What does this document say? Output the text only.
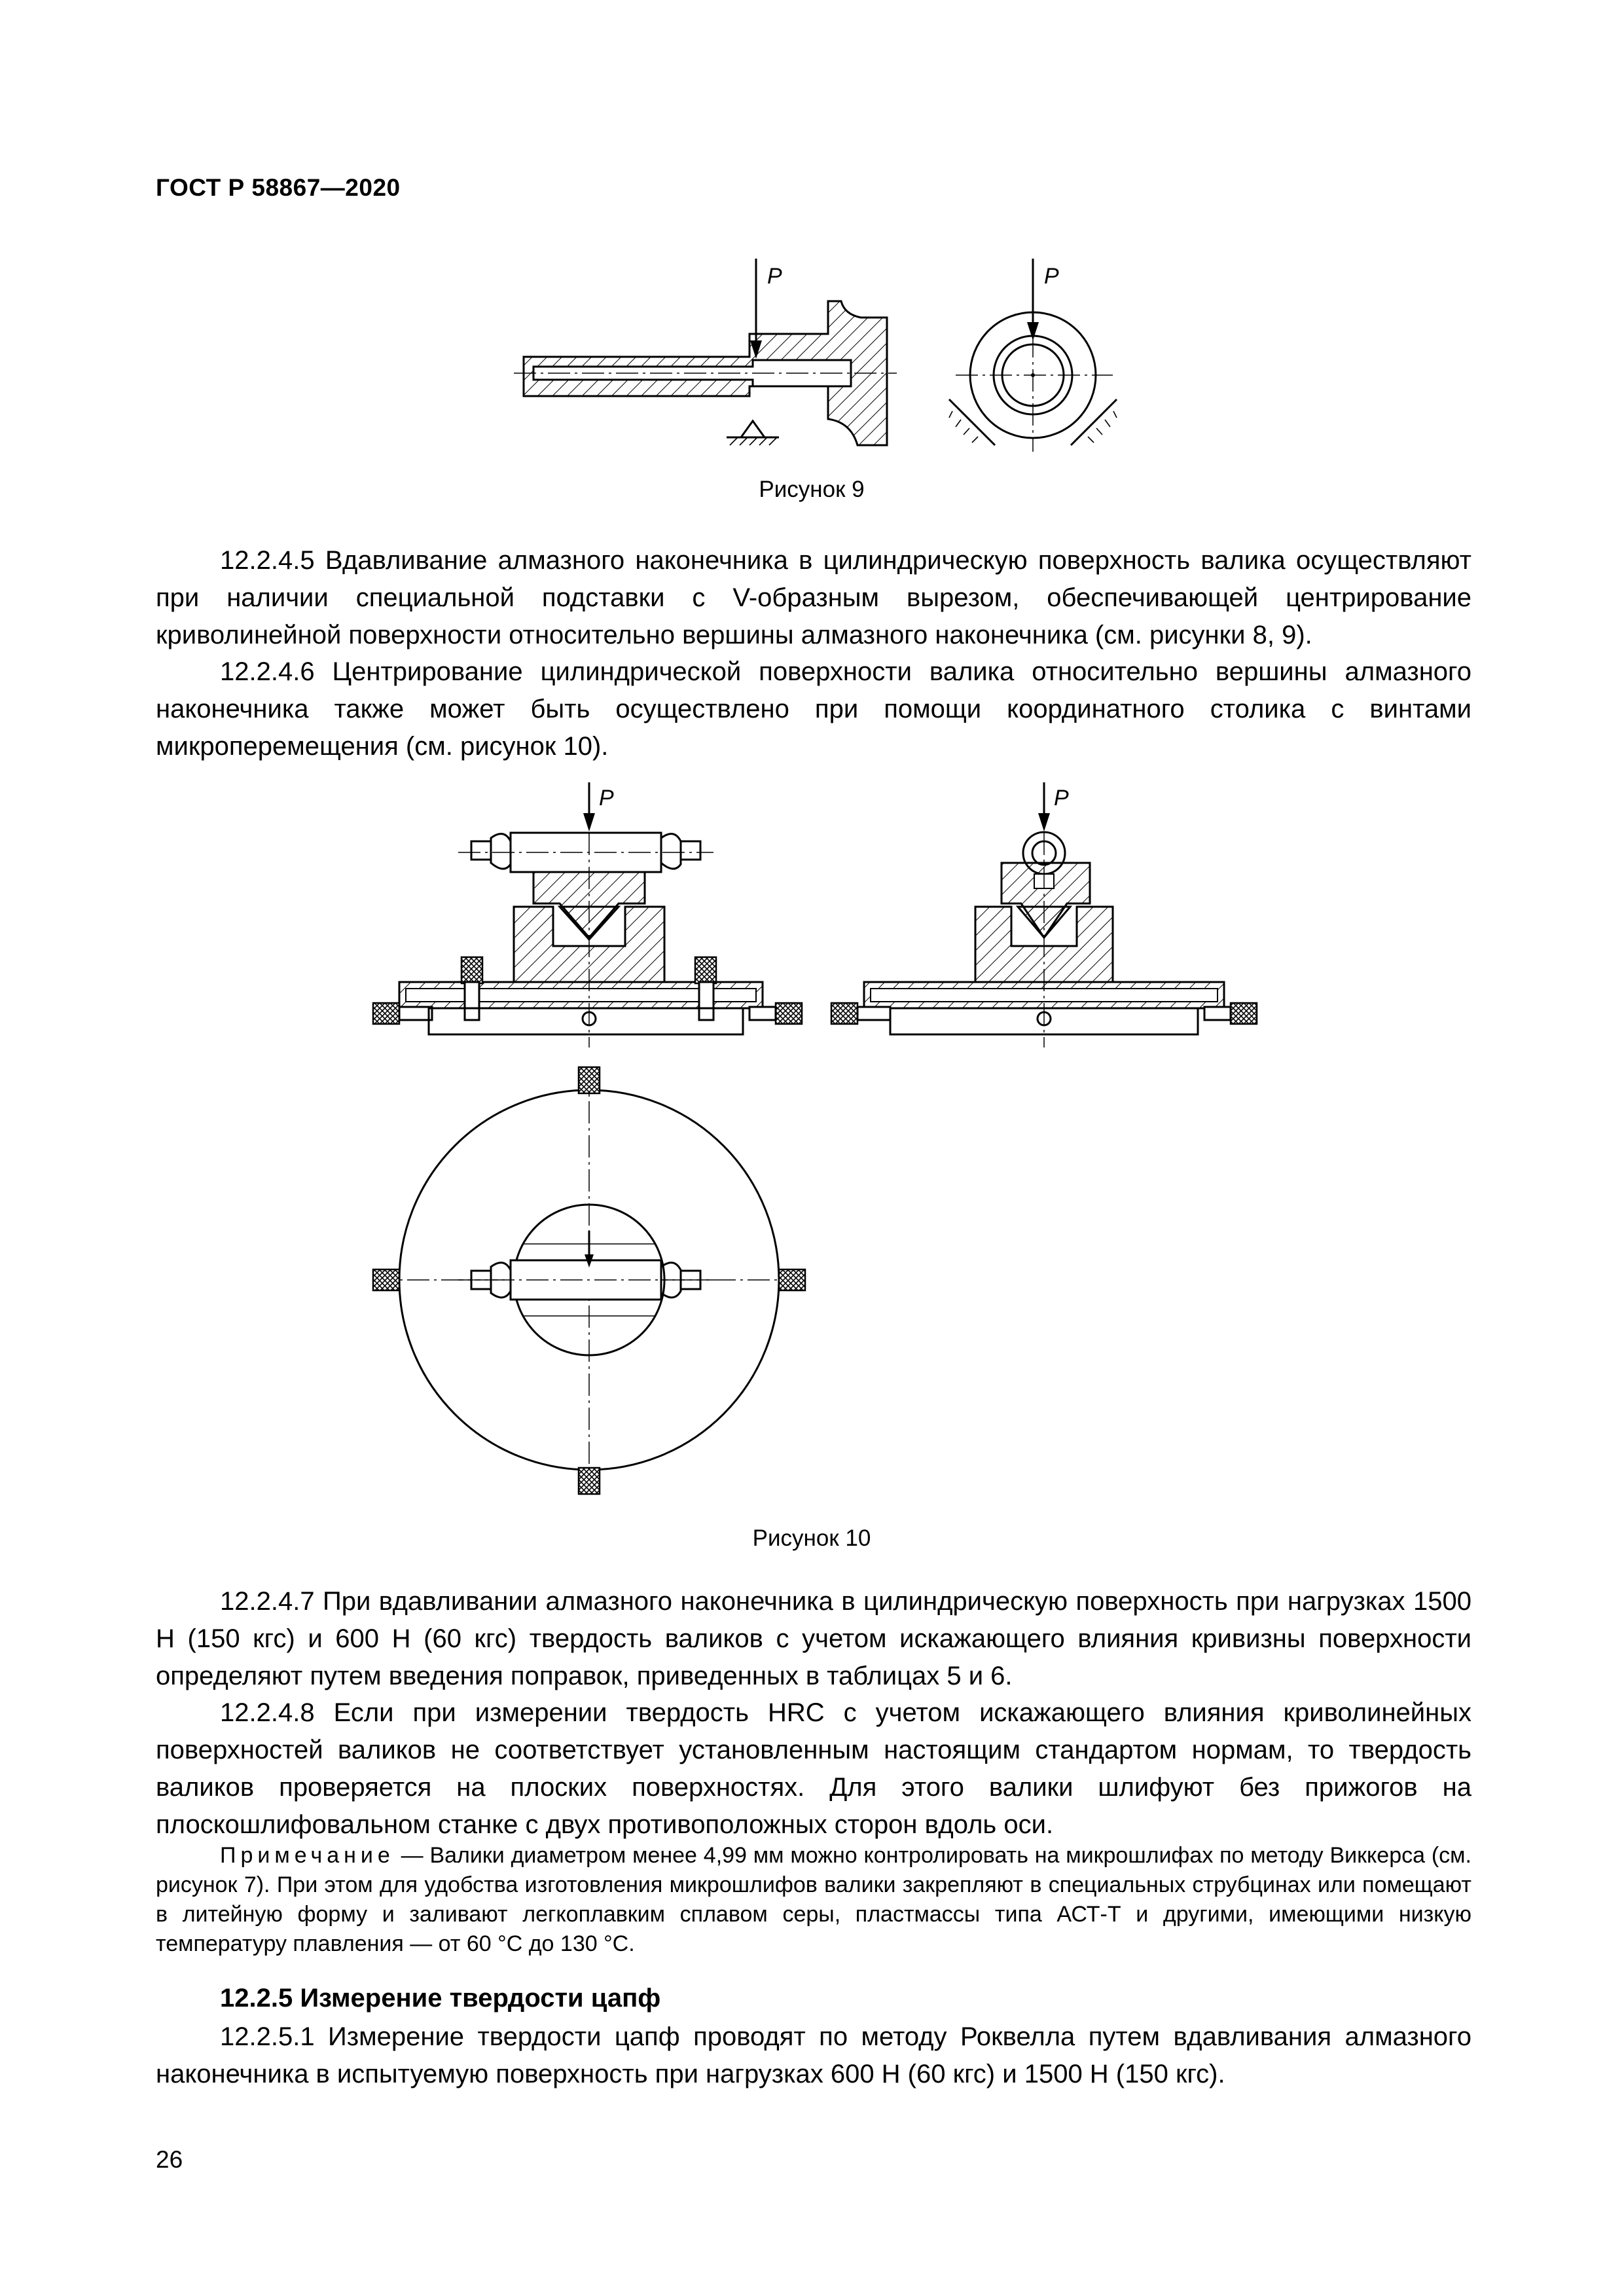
ГОСТ Р 58867—2020
P	P
Рисунок 9
12.2.4.5 Вдавливание алмазного наконечника в цилиндрическую поверхность валика осуществляют при наличии специальной подставки с V-образным вырезом, обеспечивающей центрирование криволинейной поверхности относительно вершины алмазного наконечника (см. рисунки 8, 9).
12.2.4.6 Центрирование цилиндрической поверхности валика относительно вершины алмазного наконечника также может быть осуществлено при помощи координатного столика с винтами микроперемещения (см. рисунок 10).
P	P
Рисунок 10
12.2.4.7 При вдавливании алмазного наконечника в цилиндрическую поверхность при нагрузках 1500 Н (150 кгс) и 600 Н (60 кгс) твердость валиков с учетом искажающего влияния кривизны поверхности определяют путем введения поправок, приведенных в таблицах 5 и 6.
12.2.4.8 Если при измерении твердость HRC с учетом искажающего влияния криволинейных поверхностей валиков не соответствует установленным настоящим стандартом нормам, то твердость валиков проверяется на плоских поверхностях. Для этого валики шлифуют без прижогов на плоскошлифовальном станке с двух противоположных сторон вдоль оси.
Примечание — Валики диаметром менее 4,99 мм можно контролировать на микрошлифах по методу Виккерса (см. рисунок 7). При этом для удобства изготовления микрошлифов валики закрепляют в специальных струбцинах или помещают в литейную форму и заливают легкоплавким сплавом серы, пластмассы типа АСТ-Т и другими, имеющими низкую температуру плавления — от 60 °C до 130 °C.
12.2.5 Измерение твердости цапф
12.2.5.1 Измерение твердости цапф проводят по методу Роквелла путем вдавливания алмазного наконечника в испытуемую поверхность при нагрузках 600 Н (60 кгс) и 1500 Н (150 кгс).
26
